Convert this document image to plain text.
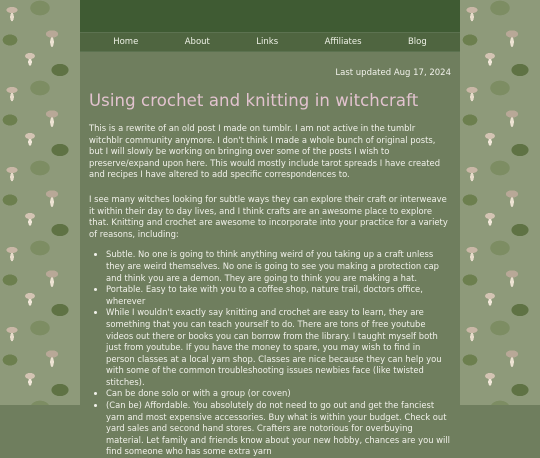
Home	About	Links	Affiliates	Blog
Last updated Aug 17, 2024
Using crochet and knitting in witchcraft

This is a rewrite of an old post I made on tumblr. I am not active in the tumblr witchblr community anymore. I don't think I made a whole bunch of original posts, but I will slowly be working on bringing over some of the posts I wish to preserve/expand upon here. This would mostly include tarot spreads I have created and recipes I have altered to add specific correspondences to.

I see many witches looking for subtle ways they can explore their craft or interweave it within their day to day lives, and I think crafts are an awesome place to explore that. Knitting and crochet are awesome to incorporate into your practice for a variety of reasons, including:

• Subtle. No one is going to think anything weird of you taking up a craft unless they are weird themselves. No one is going to see you making a protection cap and think you are a demon. They are going to think you are making a hat.
• Portable. Easy to take with you to a coffee shop, nature trail, doctors office, wherever
• While I wouldn't exactly say knitting and crochet are easy to learn, they are something that you can teach yourself to do. There are tons of free youtube videos out there or books you can borrow from the library. I taught myself both just from youtube. If you have the money to spare, you may wish to find in person classes at a local yarn shop. Classes are nice because they can help you with some of the common troubleshooting issues newbies face (like twisted stitches).
• Can be done solo or with a group (or coven)
• (Can be) Affordable. You absolutely do not need to go out and get the fanciest yarn and most expensive accessories. Buy what is within your budget. Check out yard sales and second hand stores. Crafters are notorious for overbuying material. Let family and friends know about your new hobby, chances are you will find someone who has some extra yarn
